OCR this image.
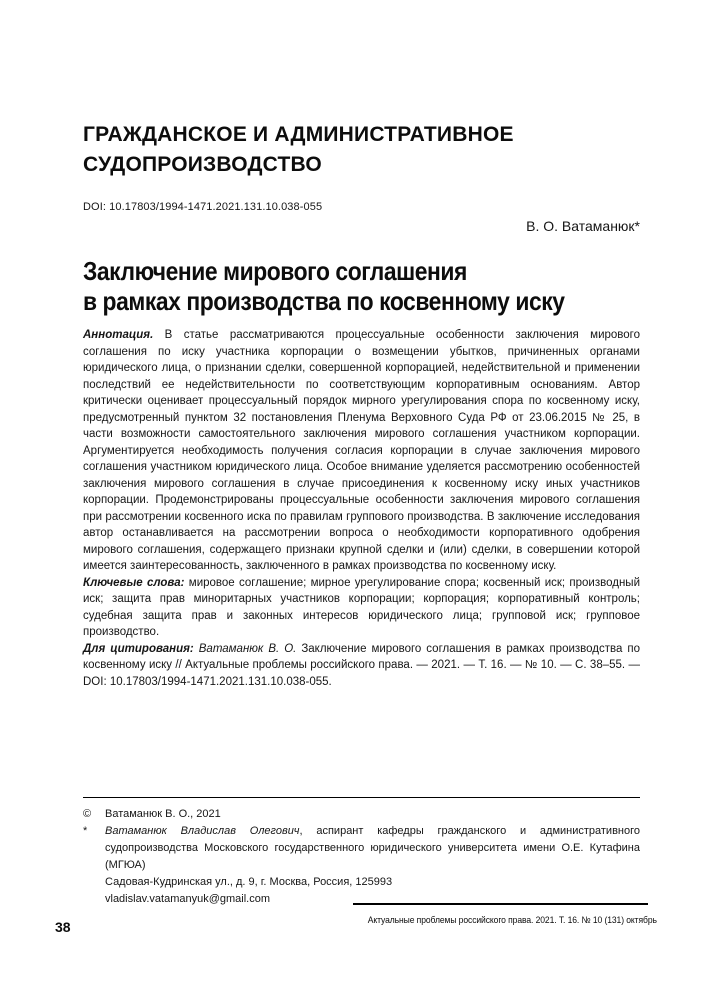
ГРАЖДАНСКОЕ И АДМИНИСТРАТИВНОЕ
СУДОПРОИЗВОДСТВО
DOI: 10.17803/1994-1471.2021.131.10.038-055
В. О. Ватаманюк*
Заключение мирового соглашения
в рамках производства по косвенному иску

Аннотация. В статье рассматриваются процессуальные особенности заключения мирового соглашения по иску участника корпорации о возмещении убытков, причиненных органами юридического лица, о признании сделки, совершенной корпорацией, недействительной и применении последствий ее недействительности по соответствующим корпоративным основаниям. Автор критически оценивает процессуальный порядок мирного урегулирования спора по косвенному иску, предусмотренный пунктом 32 постановления Пленума Верховного Суда РФ от 23.06.2015 № 25, в части возможности самостоятельного заключения мирового соглашения участником корпорации. Аргументируется необходимость получения согласия корпорации в случае заключения мирового соглашения участником юридического лица. Особое внимание уделяется рассмотрению особенностей заключения мирового соглашения в случае присоединения к косвенному иску иных участников корпорации. Продемонстрированы процессуальные особенности заключения мирового соглашения при рассмотрении косвенного иска по правилам группового производства. В заключение исследования автор останавливается на рассмотрении вопроса о необходимости корпоративного одобрения мирового соглашения, содержащего признаки крупной сделки и (или) сделки, в совершении которой имеется заинтересованность, заключенного в рамках производства по косвенному иску.

Ключевые слова: мировое соглашение; мирное урегулирование спора; косвенный иск; производный иск; защита прав миноритарных участников корпорации; корпорация; корпоративный контроль; судебная защита прав и законных интересов юридического лица; групповой иск; групповое производство.

Для цитирования: Ватаманюк В. О. Заключение мирового соглашения в рамках производства по косвенному иску // Актуальные проблемы российского права. — 2021. — Т. 16. — № 10. — С. 38–55. — DOI: 10.17803/1994-1471.2021.131.10.038-055.

©	Ватаманюк В. О., 2021
*	Ватаманюк Владислав Олегович, аспирант кафедры гражданского и административного судопроизводства Московского государственного юридического университета имени О.Е. Кутафина (МГЮА)
Садовая-Кудринская ул., д. 9, г. Москва, Россия, 125993
vladislav.vatamanyuk@gmail.com
Актуальные проблемы российского права. 2021. Т. 16. № 10 (131) октябрь
38
